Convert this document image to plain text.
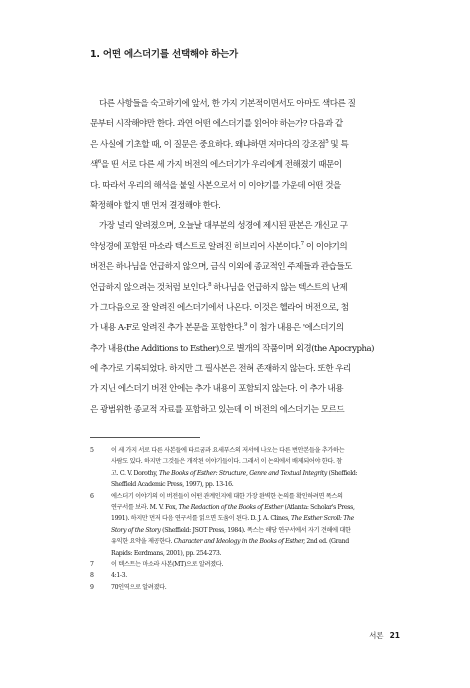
1. 어떤 에스더기를 선택해야 하는가
다른 사항들을 숙고하기에 앞서, 한 가지 기본적이면서도 아마도 색다른 질
문부터 시작해야만 한다. 과연 어떤 에스더기를 읽어야 하는가? 다음과 같
은 사실에 기초할 때, 이 질문은 중요하다. 왜냐하면 저마다의 강조점$^5$ 및 특
색$^6$을 띤 서로 다른 세 가지 버전의 에스더기가 우리에게 전해졌기 때문이
다. 따라서 우리의 해석을 붙일 사본으로서 이 이야기를 가운데 어떤 것을
확정해야 할지 맨 먼저 결정해야 한다.
가장 널리 알려졌으며, 오늘날 대부분의 성경에 제시된 판본은 개신교 구
약성경에 포함된 마소라 텍스트로 알려진 히브리어 사본이다.$^7$ 이 이야기의
버전은 하나님을 언급하지 않으며, 금식 이외에 종교적인 주제들과 관습들도
언급하지 않으려는 것처럼 보인다.$^8$ 하나님을 언급하지 않는 텍스트의 난제
가 그다음으로 잘 알려진 에스더기에서 나온다. 이것은 헬라어 버전으로, 첨
가 내용 A-F로 알려진 추가 본문을 포함한다.$^9$ 이 첨가 내용은 '에스더기의
추가 내용(the Additions to Esther)으로 별개의 작품이며 외경(the Apocrypha)
에 추가로 기록되었다. 하지만 그 필사본은 전혀 존재하지 않는다. 또한 우리
가 지닌 에스더기 버전 안에는 추가 내용이 포함되지 않는다. 이 추가 내용
은 광범위한 종교적 자료를 포함하고 있는데 이 버전의 에스더기는 모르드
5	이 세 가지 서로 다른 사본들에 타르굼과 요세푸스의 저서에 나오는 다른 번안본들을 추가하는
사람도 있다. 하지만 그것들은 개작된 이야기들이다. 그래서 이 논의에서 배제되어야 한다. 참
고. C. V. Dorothy, The Books of Esther: Structure, Genre and Textual Integrity (Sheffield:
Sheffield Academic Press, 1997), pp. 13-16.
6	에스더기 이야기의 이 버전들이 어떤 관계인지에 대한 가장 완벽한 논의를 확인하려면 폭스의
연구서를 보라. M. V. Fox, The Redaction of the Books of Esther (Atlanta: Scholar's Press,
1991). 하지만 먼저 다음 연구서를 읽으면 도움이 된다. D. J. A. Clines, The Esther Scroll: The
Story of the Story (Sheffield: JSOT Press, 1984). 폭스는 해당 연구서에서 자기 견해에 대한
유익한 요약을 제공한다. Character and Ideology in the Books of Esther, 2nd ed. (Grand
Rapids: Eerdmans, 2001), pp. 254-273.
7	이 텍스트는 마소라 사본(MT)으로 알려졌다.
8	4:1-3.
9	70인역으로 알려졌다.
서론 21
